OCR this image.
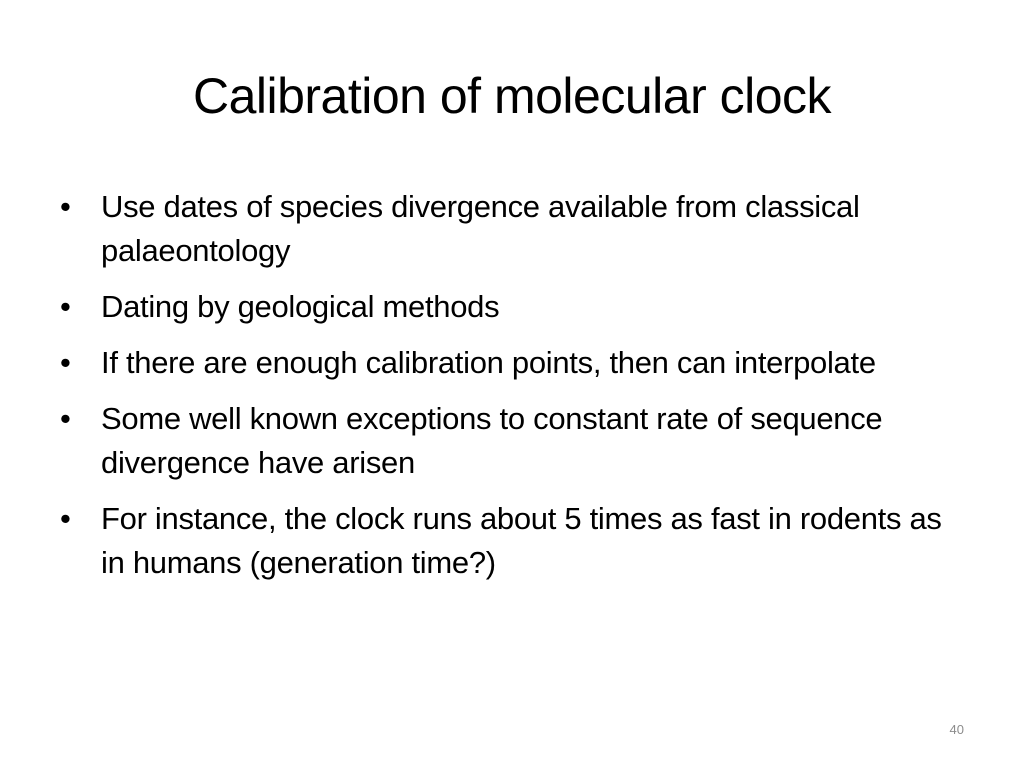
Calibration of molecular clock
• Use dates of species divergence available from classical palaeontology
• Dating by geological methods
• If there are enough calibration points, then can interpolate
• Some well known exceptions to constant rate of sequence divergence have arisen
• For instance, the clock runs about 5 times as fast in rodents as in humans (generation time?)
40
